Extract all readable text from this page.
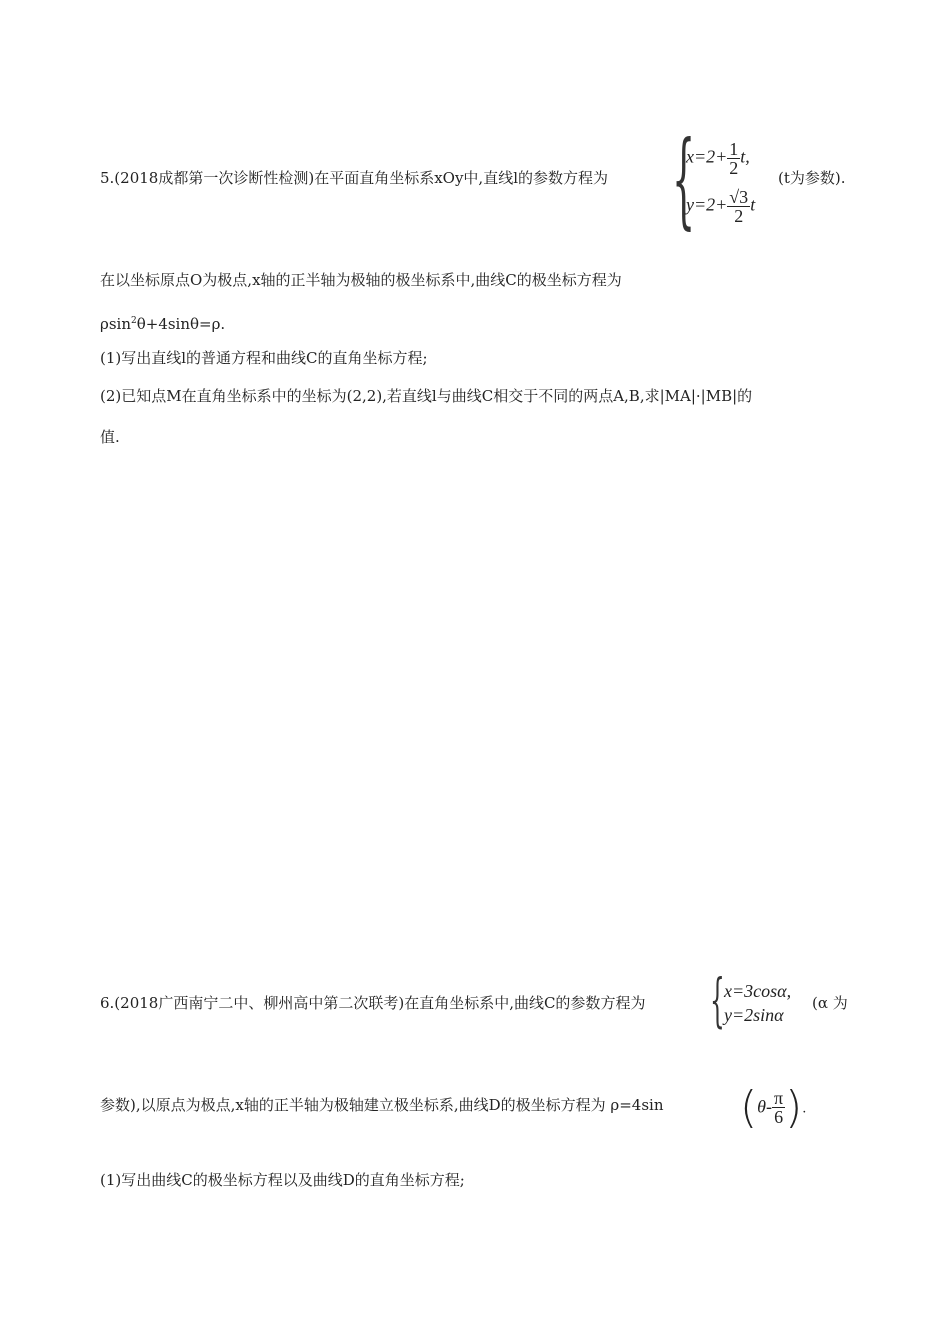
5.(2018成都第一次诊断性检测)在平面直角坐标系xOy中,直线l的参数方程为 {
$x=2+ \frac{1}{2} t$,
$y=2+ \frac{√3}{2}$ t
(t为参数).
在以坐标原点O为极点,x轴的正半轴为极轴的极坐标系中,曲线C的极坐标方程为
ρsin$^2$θ+4sinθ=ρ.
(1)写出直线l的普通方程和曲线C的直角坐标方程;
(2)已知点M在直角坐标系中的坐标为(2,2),若直线l与曲线C相交于不同的两点A,B,求|MA|·|MB|的
值.
6.(2018广西南宁二中、柳州高中第二次联考)在直角坐标系中,曲线C的参数方程为 { x=3cosα,
y=2sinα
(α 为
参数),以原点为极点,x轴的正半轴为极轴建立极坐标系,曲线D的极坐标方程为 ρ=4sin ($\theta- \frac{\pi}{6}$ ).
(1)写出曲线C的极坐标方程以及曲线D的直角坐标方程;
